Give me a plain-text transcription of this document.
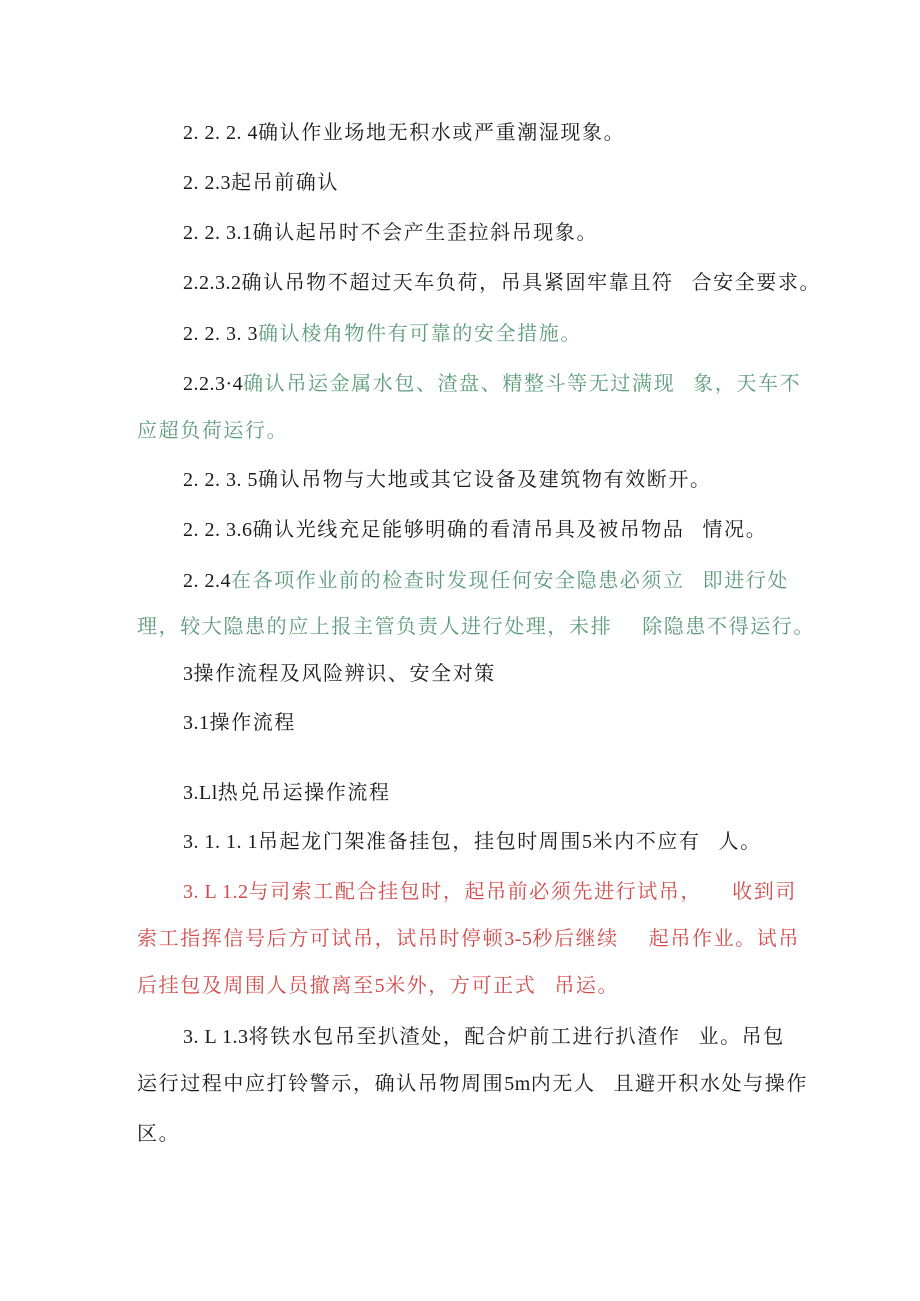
2. 2. 2. 4确认作业场地无积水或严重潮湿现象。
2. 2.3起吊前确认
2. 2. 3.1确认起吊时不会产生歪拉斜吊现象。
2.2.3.2确认吊物不超过天车负荷，吊具紧固牢靠且符 合安全要求。
2. 2. 3. 3确认棱角物件有可靠的安全措施。
2.2.3·4确认吊运金属水包、渣盘、精整斗等无过满现 象，天车不
应超负荷运行。
2. 2. 3. 5确认吊物与大地或其它设备及建筑物有效断开。
2. 2. 3.6确认光线充足能够明确的看清吊具及被吊物品 情况。
2. 2.4在各项作业前的检查时发现任何安全隐患必须立 即进行处
理，较大隐患的应上报主管负责人进行处理，未排 除隐患不得运行。
3操作流程及风险辨识、安全对策
3.1操作流程
3.Ll热兑吊运操作流程
3. 1. 1. 1吊起龙门架准备挂包，挂包时周围5米内不应有 人。
3. L 1.2与司索工配合挂包时，起吊前必须先进行试吊， 收到司
索工指挥信号后方可试吊，试吊时停顿3-5秒后继续 起吊作业。试吊
后挂包及周围人员撤离至5米外，方可正式 吊运。
3. L 1.3将铁水包吊至扒渣处，配合炉前工进行扒渣作 业。吊包
运行过程中应打铃警示，确认吊物周围5m内无人 且避开积水处与操作
区。
